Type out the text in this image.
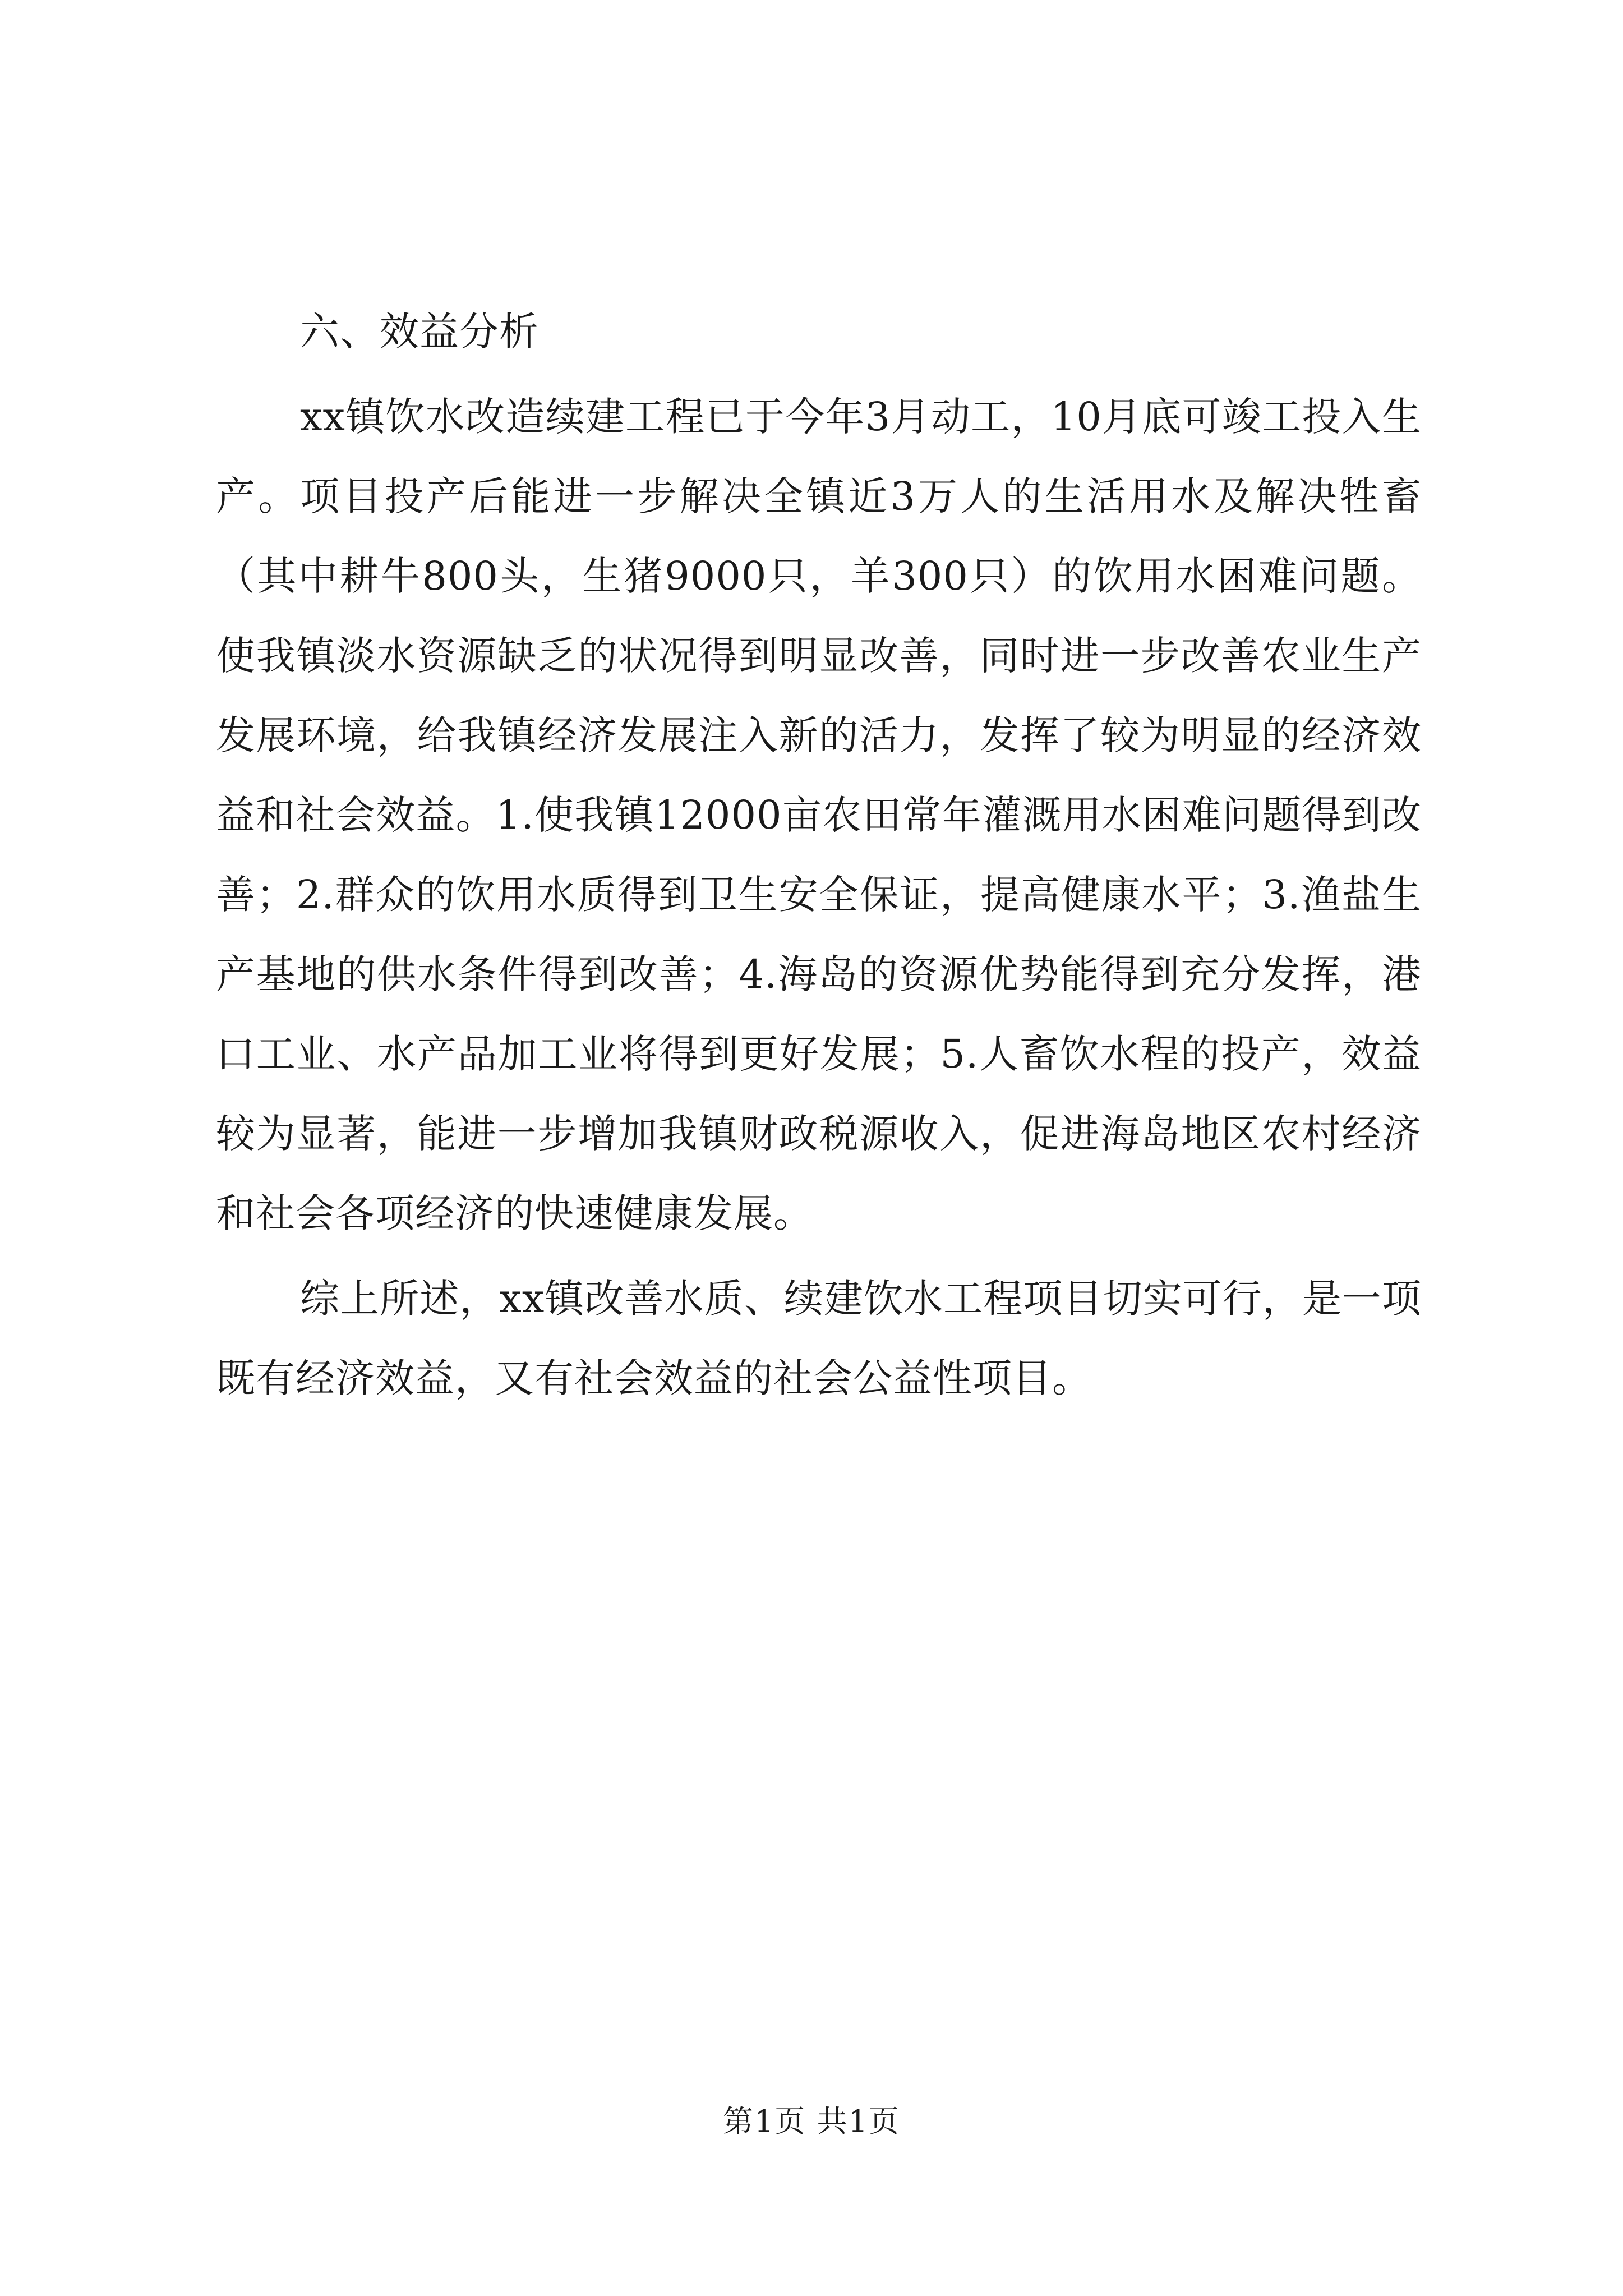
六、效益分析

xx镇饮水改造续建工程已于今年3月动工，10月底可竣工投入生产。项目投产后能进一步解决全镇近3万人的生活用水及解决牲畜（其中耕牛800头，生猪9000只，羊300只）的饮用水困难问题。使我镇淡水资源缺乏的状况得到明显改善，同时进一步改善农业生产发展环境，给我镇经济发展注入新的活力，发挥了较为明显的经济效益和社会效益。1.使我镇12000亩农田常年灌溉用水困难问题得到改善；2.群众的饮用水质得到卫生安全保证，提高健康水平；3.渔盐生产基地的供水条件得到改善；4.海岛的资源优势能得到充分发挥，港口工业、水产品加工业将得到更好发展；5.人畜饮水程的投产，效益较为显著，能进一步增加我镇财政税源收入，促进海岛地区农村经济和社会各项经济的快速健康发展。

综上所述，xx镇改善水质、续建饮水工程项目切实可行，是一项既有经济效益，又有社会效益的社会公益性项目。

第1页 共1页
